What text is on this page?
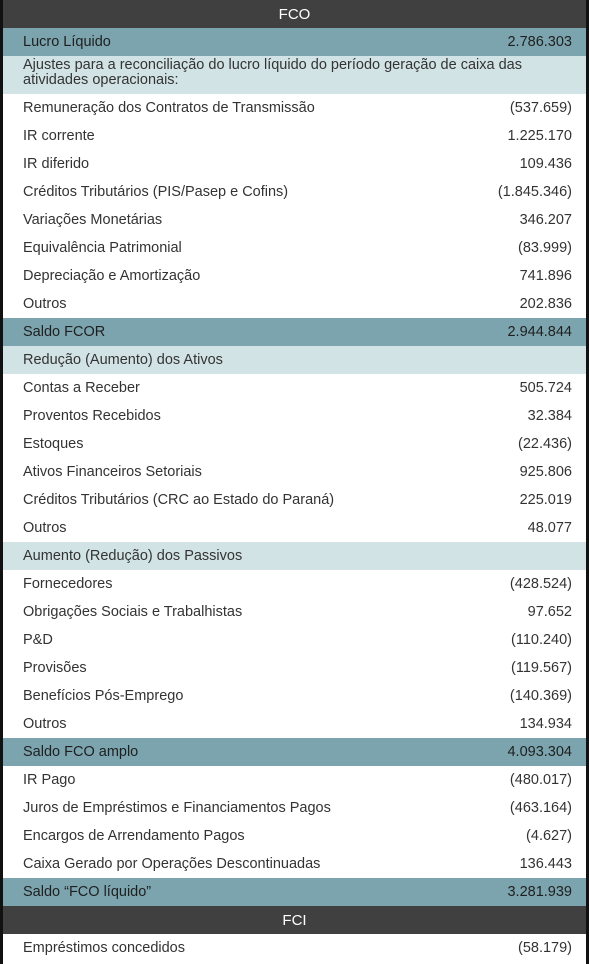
FCO
Lucro Líquido	2.786.303
Ajustes para a reconciliação do lucro líquido do período geração de caixa das atividades operacionais:
Remuneração dos Contratos de Transmissão	(537.659)
IR corrente	1.225.170
IR diferido	109.436
Créditos Tributários (PIS/Pasep e Cofins)	(1.845.346)
Variações Monetárias	346.207
Equivalência Patrimonial	(83.999)
Depreciação e Amortização	741.896
Outros	202.836
Saldo FCOR	2.944.844
Redução (Aumento) dos Ativos
Contas a Receber	505.724
Proventos Recebidos	32.384
Estoques	(22.436)
Ativos Financeiros Setoriais	925.806
Créditos Tributários (CRC ao Estado do Paraná)	225.019
Outros	48.077
Aumento (Redução) dos Passivos
Fornecedores	(428.524)
Obrigações Sociais e Trabalhistas	97.652
P&D	(110.240)
Provisões	(119.567)
Benefícios Pós-Emprego	(140.369)
Outros	134.934
Saldo FCO amplo	4.093.304
IR Pago	(480.017)
Juros de Empréstimos e Financiamentos Pagos	(463.164)
Encargos de Arrendamento Pagos	(4.627)
Caixa Gerado por Operações Descontinuadas	136.443
Saldo “FCO líquido”	3.281.939
FCI
Empréstimos concedidos	(58.179)
